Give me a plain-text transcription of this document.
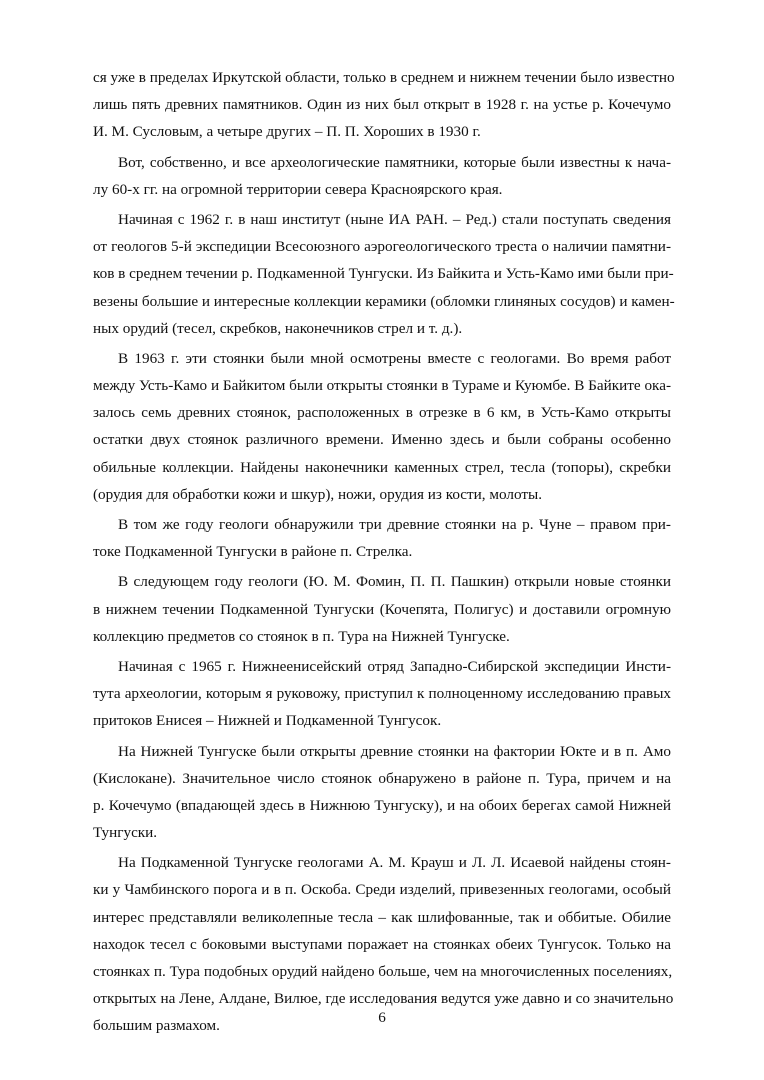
ся уже в пределах Иркутской области, только в среднем и нижнем течении было известно
лишь пять древних памятников. Один из них был открыт в 1928 г. на устье р. Кочечумо
И. М. Сусловым, а четыре других – П. П. Хороших в 1930 г.
Вот, собственно, и все археологические памятники, которые были известны к нача-
лу 60-х гг. на огромной территории севера Красноярского края.
Начиная с 1962 г. в наш институт (ныне ИА РАН. – Ред.) стали поступать сведения
от геологов 5-й экспедиции Всесоюзного аэрогеологического треста о наличии памятни-
ков в среднем течении р. Подкаменной Тунгуски. Из Байкита и Усть-Камо ими были при-
везены большие и интересные коллекции керамики (обломки глиняных сосудов) и камен-
ных орудий (тесел, скребков, наконечников стрел и т. д.).
В 1963 г. эти стоянки были мной осмотрены вместе с геологами. Во время работ
между Усть-Камо и Байкитом были открыты стоянки в Тураме и Куюмбе. В Байките ока-
залось семь древних стоянок, расположенных в отрезке в 6 км, в Усть-Камо открыты
остатки двух стоянок различного времени. Именно здесь и были собраны особенно
обильные коллекции. Найдены наконечники каменных стрел, тесла (топоры), скребки
(орудия для обработки кожи и шкур), ножи, орудия из кости, молоты.
В том же году геологи обнаружили три древние стоянки на р. Чуне – правом при-
токе Подкаменной Тунгуски в районе п. Стрелка.
В следующем году геологи (Ю. М. Фомин, П. П. Пашкин) открыли новые стоянки
в нижнем течении Подкаменной Тунгуски (Кочепята, Полигус) и доставили огромную
коллекцию предметов со стоянок в п. Тура на Нижней Тунгуске.
Начиная с 1965 г. Нижнеенисейский отряд Западно-Сибирской экспедиции Инсти-
тута археологии, которым я руковожу, приступил к полноценному исследованию правых
притоков Енисея – Нижней и Подкаменной Тунгусок.
На Нижней Тунгуске были открыты древние стоянки на фактории Юкте и в п. Амо
(Кислокане). Значительное число стоянок обнаружено в районе п. Тура, причем и на
р. Кочечумо (впадающей здесь в Нижнюю Тунгуску), и на обоих берегах самой Нижней
Тунгуски.
На Подкаменной Тунгуске геологами А. М. Крауш и Л. Л. Исаевой найдены стоян-
ки у Чамбинского порога и в п. Оскоба. Среди изделий, привезенных геологами, особый
интерес представляли великолепные тесла – как шлифованные, так и оббитые. Обилие
находок тесел с боковыми выступами поражает на стоянках обеих Тунгусок. Только на
стоянках п. Тура подобных орудий найдено больше, чем на многочисленных поселениях,
открытых на Лене, Алдане, Вилюе, где исследования ведутся уже давно и со значительно
большим размахом.	6
